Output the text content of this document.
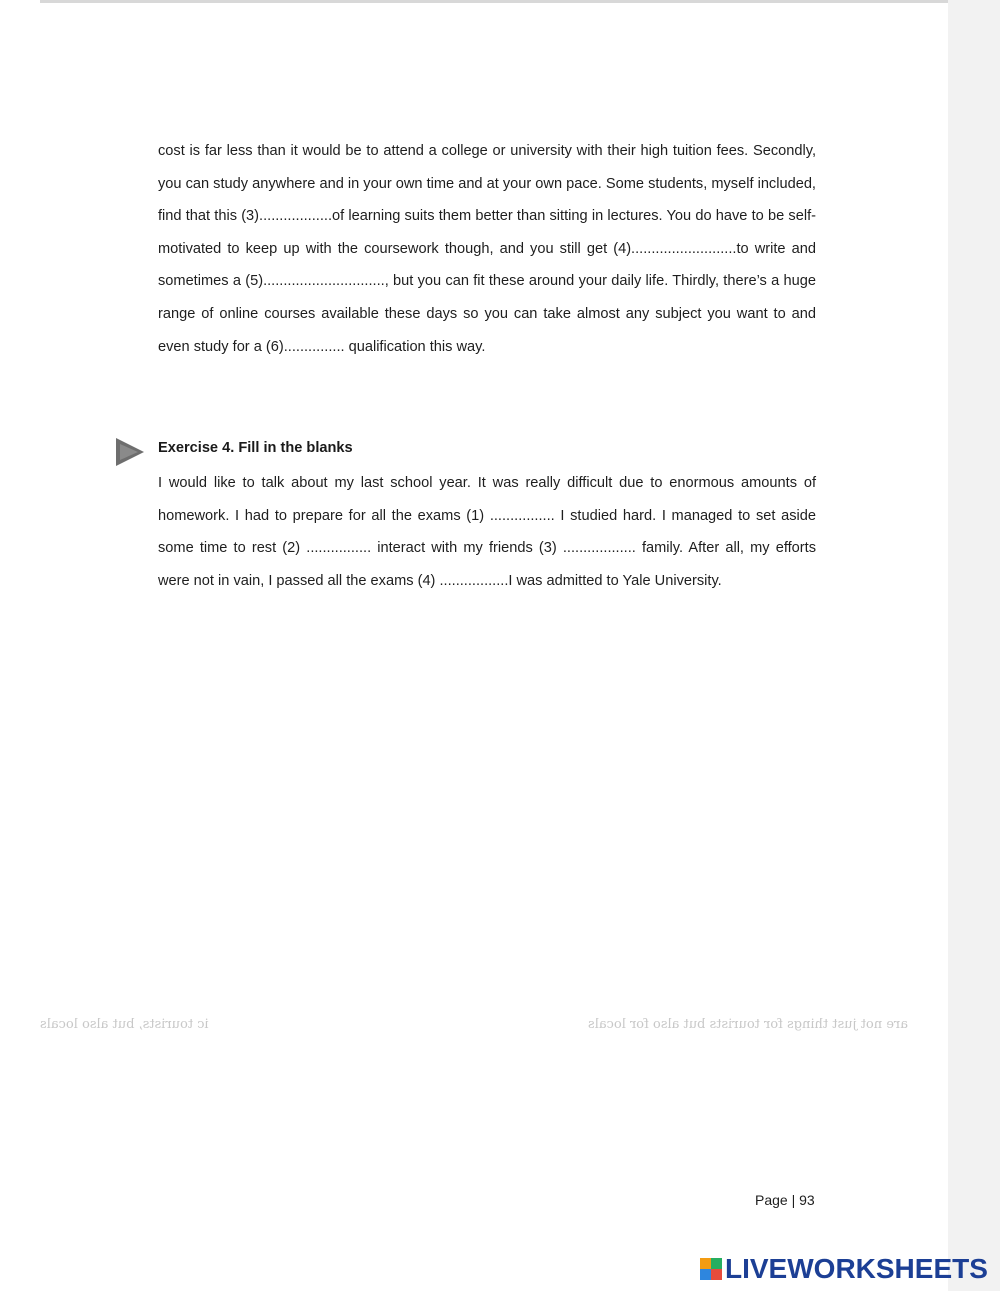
cost is far less than it would be to attend a college or university with their high tuition fees. Secondly, you can study anywhere and in your own time and at your own pace. Some students, myself included, find that this (3)..................of learning suits them better than sitting in lectures. You do have to be self-motivated to keep up with the coursework though, and you still get (4)..........................to write and sometimes a (5).............................., but you can fit these around your daily life. Thirdly, there’s a huge range of online courses available these days so you can take almost any subject you want to and even study for a (6)............... qualification this way.

Exercise 4. Fill in the blanks

I would like to talk about my last school year. It was really difficult due to enormous amounts of homework. I had to prepare for all the exams (1) ................ I studied hard. I managed to set aside some time to rest (2) ................ interact with my friends (3) .................. family. After all, my efforts were not in vain, I passed all the exams (4) .................I was admitted to Yale University.

ic tourists, but also locals	are not just things for tourists but also for locals
Page | 93
LIVEWORKSHEETS
